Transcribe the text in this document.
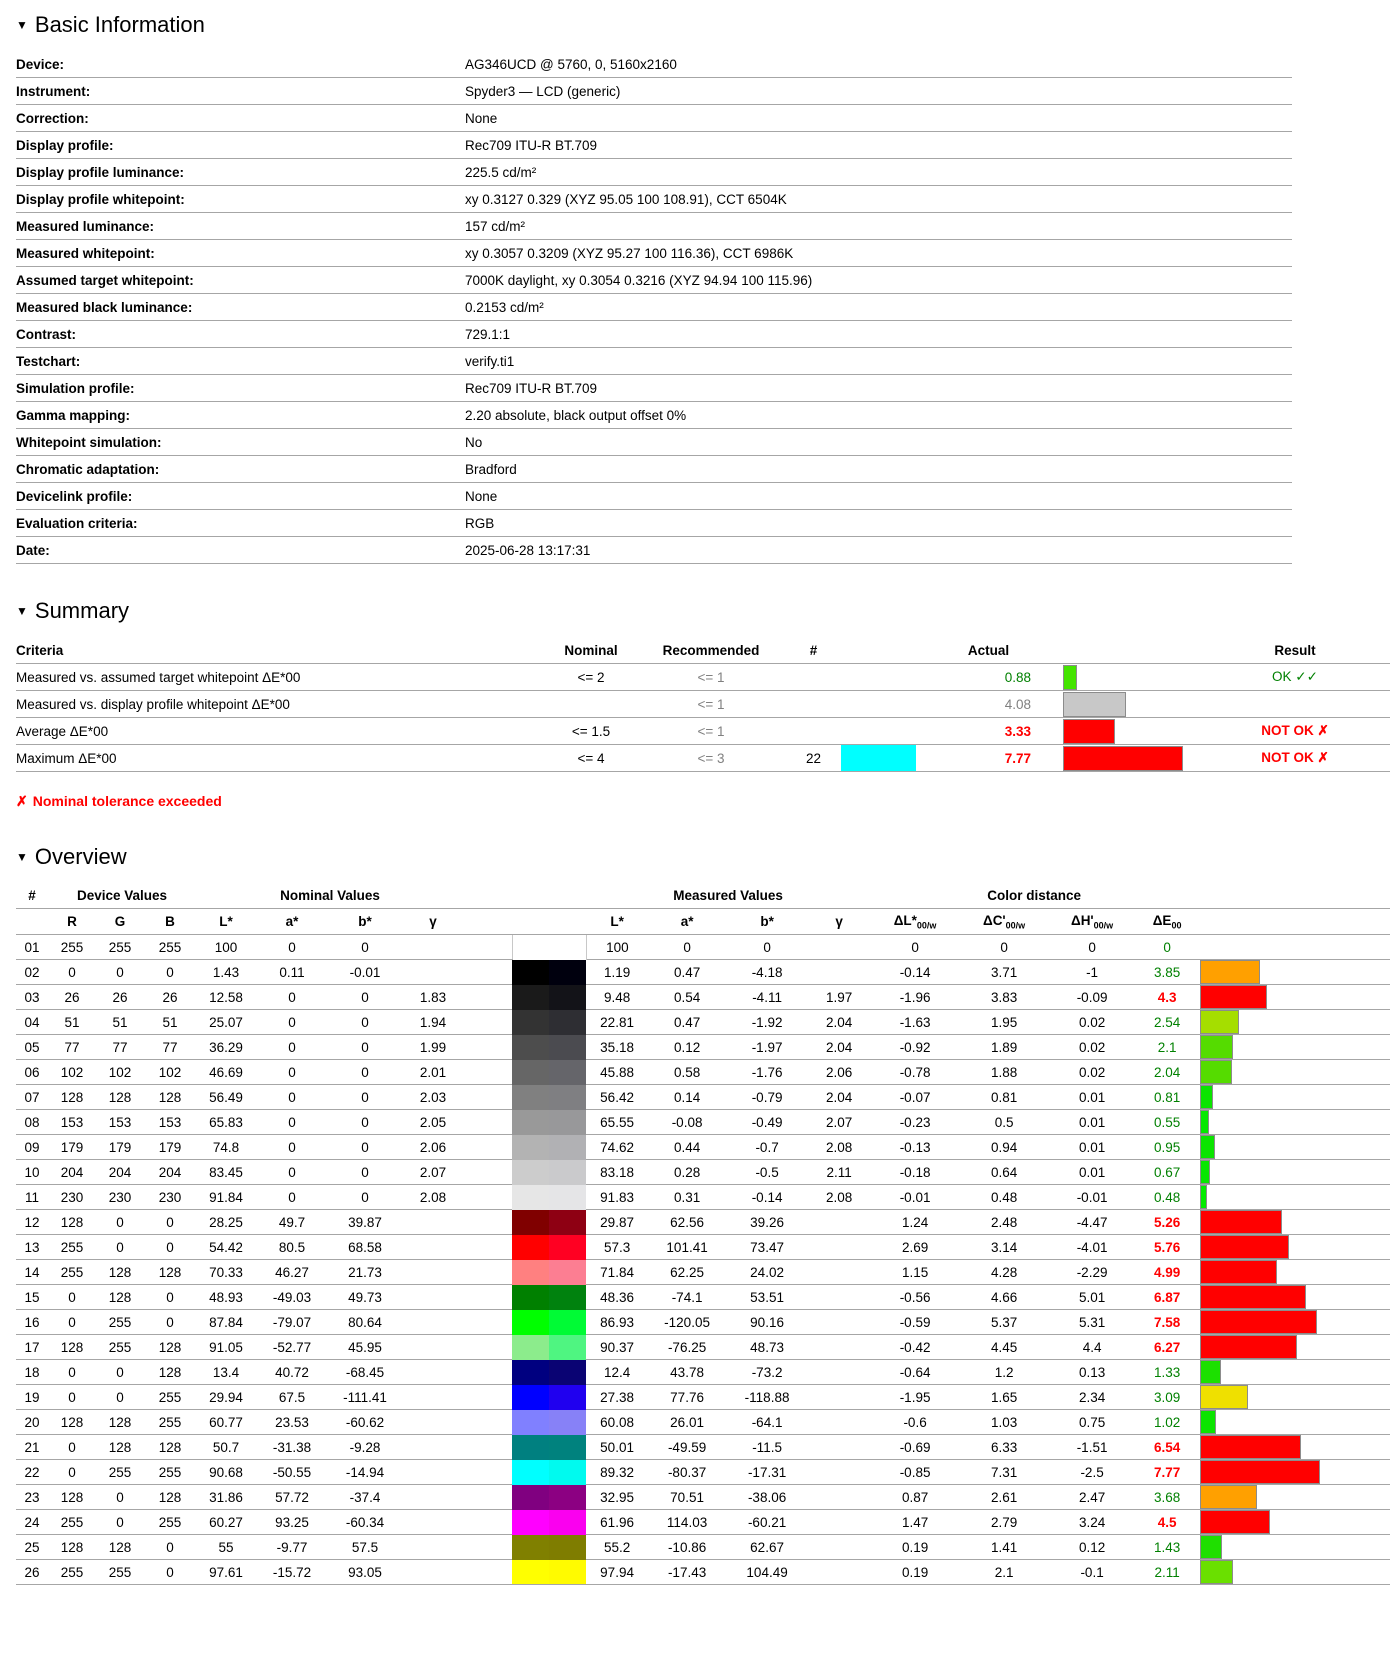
▼ Basic Information
Device:	AG346UCD @ 5760, 0, 5160x2160
Instrument:	Spyder3 — LCD (generic)
Correction:	None
Display profile:	Rec709 ITU-R BT.709
Display profile luminance:	225.5 cd/m²
Display profile whitepoint:	xy 0.3127 0.329 (XYZ 95.05 100 108.91), CCT 6504K
Measured luminance:	157 cd/m²
Measured whitepoint:	xy 0.3057 0.3209 (XYZ 95.27 100 116.36), CCT 6986K
Assumed target whitepoint:	7000K daylight, xy 0.3054 0.3216 (XYZ 94.94 100 115.96)
Measured black luminance:	0.2153 cd/m²
Contrast:	729.1:1
Testchart:	verify.ti1
Simulation profile:	Rec709 ITU-R BT.709
Gamma mapping:	2.20 absolute, black output offset 0%
Whitepoint simulation:	No
Chromatic adaptation:	Bradford
Devicelink profile:	None
Evaluation criteria:	RGB
Date:	2025-06-28 13:17:31
▼ Summary
Criteria	Nominal	Recommended	#		Actual		Result
Measured vs. assumed target whitepoint ΔE*00	<= 2	<= 1			0.88		OK ✓✓
Measured vs. display profile whitepoint ΔE*00		<= 1			4.08	

Average ΔE*00	<= 1.5	<= 1			3.33		NOT OK ✗
Maximum ΔE*00	<= 4	<= 3	22		7.77		NOT OK ✗
✗ Nominal tolerance exceeded
▼ Overview
#	Device Values			Nominal Values						Measured Values				Color distance				
	R	G	B	L*	a*	b*	γ			L*	a*	b*	γ	$\Delta L*_{00/w}$	$\Delta C'_{00/w}$	$\Delta H'_{00/w}$	$\Delta E_{00}$	
01	255	255	255	100	0	0				100	0	0		0	0	0	0	
02	0	0	0	1.43	0.11	-0.01				1.19	0.47	-4.18		-0.14	3.71	-1	3.85	

03	26	26	26	12.58	0	0	1.83			9.48	0.54	-4.11	1.97	-1.96	3.83	-0.09	4.3	

04	51	51	51	25.07	0	0	1.94			22.81	0.47	-1.92	2.04	-1.63	1.95	0.02	2.54	

05	77	77	77	36.29	0	0	1.99			35.18	0.12	-1.97	2.04	-0.92	1.89	0.02	2.1	

06	102	102	102	46.69	0	0	2.01			45.88	0.58	-1.76	2.06	-0.78	1.88	0.02	2.04	

07	128	128	128	56.49	0	0	2.03			56.42	0.14	-0.79	2.04	-0.07	0.81	0.01	0.81	

08	153	153	153	65.83	0	0	2.05			65.55	-0.08	-0.49	2.07	-0.23	0.5	0.01	0.55	

09	179	179	179	74.8	0	0	2.06			74.62	0.44	-0.7	2.08	-0.13	0.94	0.01	0.95	

10	204	204	204	83.45	0	0	2.07			83.18	0.28	-0.5	2.11	-0.18	0.64	0.01	0.67	

11	230	230	230	91.84	0	0	2.08			91.83	0.31	-0.14	2.08	-0.01	0.48	-0.01	0.48	

12	128	0	0	28.25	49.7	39.87				29.87	62.56	39.26		1.24	2.48	-4.47	5.26	

13	255	0	0	54.42	80.5	68.58				57.3	101.41	73.47		2.69	3.14	-4.01	5.76	

14	255	128	128	70.33	46.27	21.73				71.84	62.25	24.02		1.15	4.28	-2.29	4.99	

15	0	128	0	48.93	-49.03	49.73				48.36	-74.1	53.51		-0.56	4.66	5.01	6.87	

16	0	255	0	87.84	-79.07	80.64				86.93	-120.05	90.16		-0.59	5.37	5.31	7.58	

17	128	255	128	91.05	-52.77	45.95				90.37	-76.25	48.73		-0.42	4.45	4.4	6.27	

18	0	0	128	13.4	40.72	-68.45				12.4	43.78	-73.2		-0.64	1.2	0.13	1.33	

19	0	0	255	29.94	67.5	-111.41				27.38	77.76	-118.88		-1.95	1.65	2.34	3.09	

20	128	128	255	60.77	23.53	-60.62				60.08	26.01	-64.1		-0.6	1.03	0.75	1.02	

21	0	128	128	50.7	-31.38	-9.28				50.01	-49.59	-11.5		-0.69	6.33	-1.51	6.54	

22	0	255	255	90.68	-50.55	-14.94				89.32	-80.37	-17.31		-0.85	7.31	-2.5	7.77	

23	128	0	128	31.86	57.72	-37.4				32.95	70.51	-38.06		0.87	2.61	2.47	3.68	

24	255	0	255	60.27	93.25	-60.34				61.96	114.03	-60.21		1.47	2.79	3.24	4.5	

25	128	128	0	55	-9.77	57.5				55.2	-10.86	62.67		0.19	1.41	0.12	1.43	

26	255	255	0	97.61	-15.72	93.05				97.94	-17.43	104.49		0.19	2.1	-0.1	2.11	
